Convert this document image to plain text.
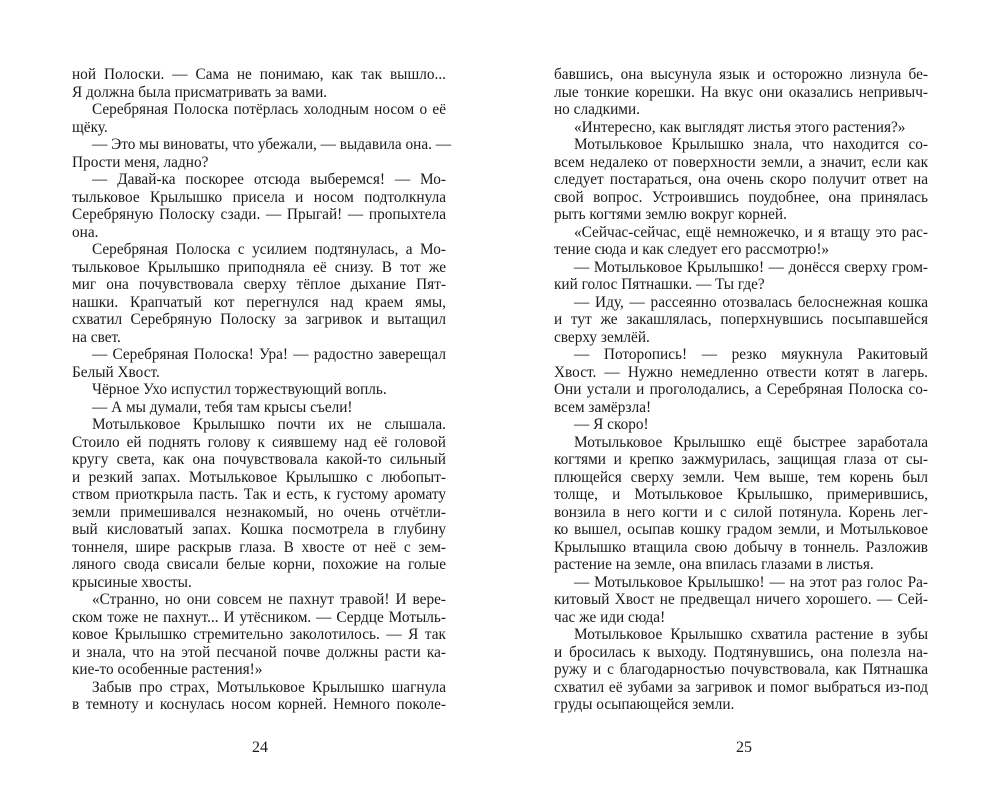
ной Полоски. — Сама не понимаю, как так вышло...
Я должна была присматривать за вами.
Серебряная Полоска потёрлась холодным носом о её
щёку.
— Это мы виноваты, что убежали, — выдавила она. —
Прости меня, ладно?
— Давай-ка поскорее отсюда выберемся! — Мо-
тыльковое Крылышко присела и носом подтолкнула
Серебряную Полоску сзади. — Прыгай! — пропыхтела
она.
Серебряная Полоска с усилием подтянулась, а Мо-
тыльковое Крылышко приподняла её снизу. В тот же
миг она почувствовала сверху тёплое дыхание Пят-
нашки. Крапчатый кот перегнулся над краем ямы,
схватил Серебряную Полоску за загривок и вытащил
на свет.
— Серебряная Полоска! Ура! — радостно заверещал
Белый Хвост.
Чёрное Ухо испустил торжествующий вопль.
— А мы думали, тебя там крысы съели!
Мотыльковое Крылышко почти их не слышала.
Стоило ей поднять голову к сиявшему над её головой
кругу света, как она почувствовала какой-то сильный
и резкий запах. Мотыльковое Крылышко с любопыт-
ством приоткрыла пасть. Так и есть, к густому аромату
земли примешивался незнакомый, но очень отчётли-
вый кисловатый запах. Кошка посмотрела в глубину
тоннеля, шире раскрыв глаза. В хвосте от неё с зем-
ляного свода свисали белые корни, похожие на голые
крысиные хвосты.
«Странно, но они совсем не пахнут травой! И вере-
ском тоже не пахнут... И утёсником. — Сердце Мотыль-
ковое Крылышко стремительно заколотилось. — Я так
и знала, что на этой песчаной почве должны расти ка-
кие-то особенные растения!»
Забыв про страх, Мотыльковое Крылышко шагнула
в темноту и коснулась носом корней. Немного поколе-
24
бавшись, она высунула язык и осторожно лизнула бе-
лые тонкие корешки. На вкус они оказались непривыч-
но сладкими.
«Интересно, как выглядят листья этого растения?»
Мотыльковое Крылышко знала, что находится со-
всем недалеко от поверхности земли, а значит, если как
следует постараться, она очень скоро получит ответ на
свой вопрос. Устроившись поудобнее, она принялась
рыть когтями землю вокруг корней.
«Сейчас-сейчас, ещё немножечко, и я втащу это рас-
тение сюда и как следует его рассмотрю!»
— Мотыльковое Крылышко! — донёсся сверху гром-
кий голос Пятнашки. — Ты где?
— Иду, — рассеянно отозвалась белоснежная кошка
и тут же закашлялась, поперхнувшись посыпавшейся
сверху землёй.
— Поторопись! — резко мяукнула Ракитовый
Хвост. — Нужно немедленно отвести котят в лагерь.
Они устали и проголодались, а Серебряная Полоска со-
всем замёрзла!
— Я скоро!
Мотыльковое Крылышко ещё быстрее заработала
когтями и крепко зажмурилась, защищая глаза от сы-
плющейся сверху земли. Чем выше, тем корень был
толще, и Мотыльковое Крылышко, примерившись,
вонзила в него когти и с силой потянула. Корень лег-
ко вышел, осыпав кошку градом земли, и Мотыльковое
Крылышко втащила свою добычу в тоннель. Разложив
растение на земле, она впилась глазами в листья.
— Мотыльковое Крылышко! — на этот раз голос Ра-
китовый Хвост не предвещал ничего хорошего. — Сей-
час же иди сюда!
Мотыльковое Крылышко схватила растение в зубы
и бросилась к выходу. Подтянувшись, она полезла на-
ружу и с благодарностью почувствовала, как Пятнашка
схватил её зубами за загривок и помог выбраться из-под
груды осыпающейся земли.
25
